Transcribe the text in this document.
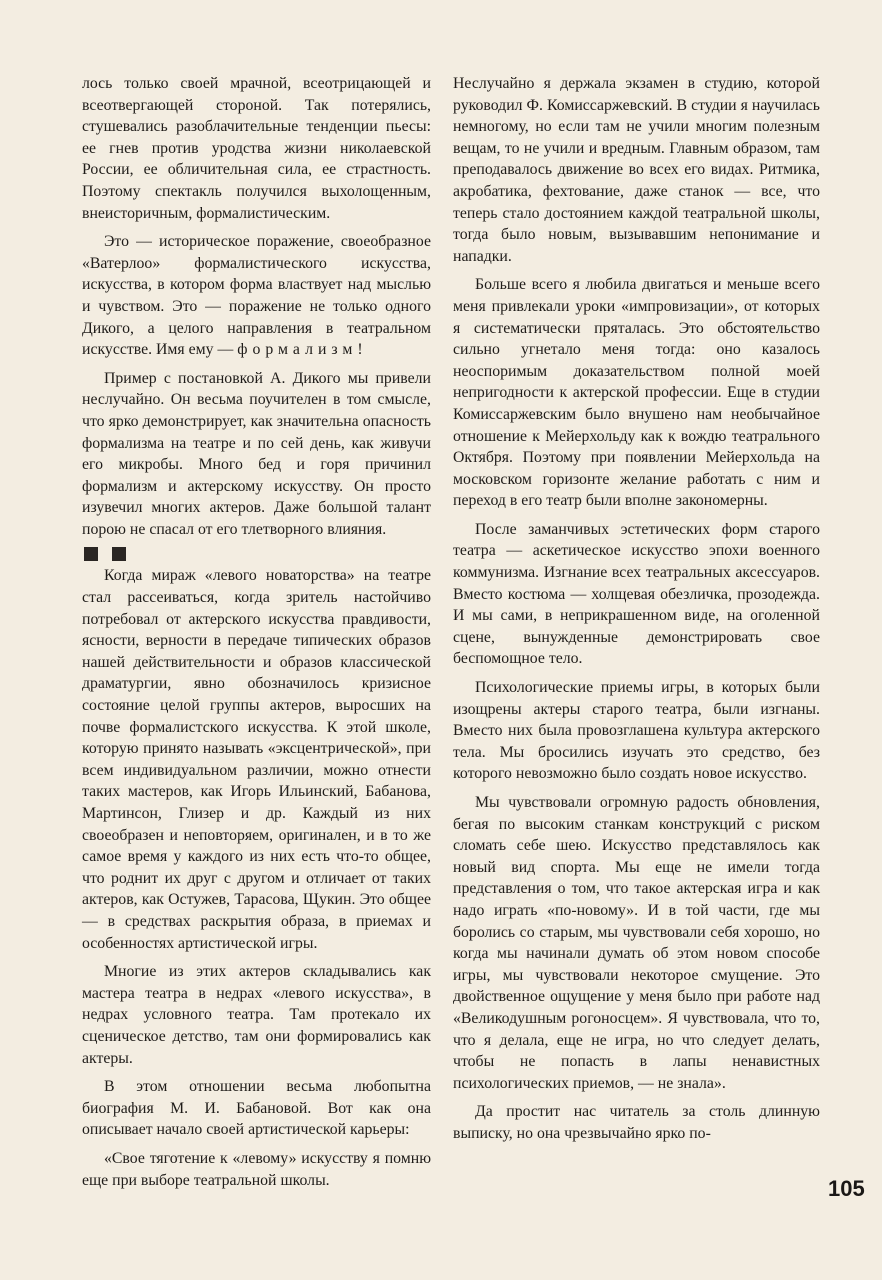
лось только своей мрачной, всеотрицающей и всеотвергающей стороной. Так потерялись, стушевались разоблачительные тенденции пьесы: ее гнев против уродства жизни николаевской России, ее обличительная сила, ее страстность. Поэтому спектакль получился выхолощенным, внеисторичным, формалистическим.

Это — историческое поражение, своеобразное «Ватерлоо» формалистического искусства, искусства, в котором форма властвует над мыслью и чувством. Это — поражение не только одного Дикого, а целого направления в театральном искусстве. Имя ему — формализм!

Пример с постановкой А. Дикого мы привели неслучайно. Он весьма поучителен в том смысле, что ярко демонстрирует, как значительна опасность формализма на театре и по сей день, как живучи его микробы. Много бед и горя причинил формализм и актерскому искусству. Он просто изувечил многих актеров. Даже большой талант порою не спасал от его тлетворного влияния.

Когда мираж «левого новаторства» на театре стал рассеиваться, когда зритель настойчиво потребовал от актерского искусства правдивости, ясности, верности в передаче типических образов нашей действительности и образов классической драматургии, явно обозначилось кризисное состояние целой группы актеров, выросших на почве формалистского искусства. К этой школе, которую принято называть «эксцентрической», при всем индивидуальном различии, можно отнести таких мастеров, как Игорь Ильинский, Бабанова, Мартинсон, Глизер и др. Каждый из них своеобразен и неповторяем, оригинален, и в то же самое время у каждого из них есть что-то общее, что роднит их друг с другом и отличает от таких актеров, как Остужев, Тарасова, Щукин. Это общее — в средствах раскрытия образа, в приемах и особенностях артистической игры.

Многие из этих актеров складывались как мастера театра в недрах «левого искусства», в недрах условного театра. Там протекало их сценическое детство, там они формировались как актеры.

В этом отношении весьма любопытна биография М. И. Бабановой. Вот как она описывает начало своей артистической карьеры:

«Свое тяготение к «левому» искусству я помню еще при выборе театральной школы.

Неслучайно я держала экзамен в студию, которой руководил Ф. Комиссаржевский. В студии я научилась немногому, но если там не учили многим полезным вещам, то не учили и вредным. Главным образом, там преподавалось движение во всех его видах. Ритмика, акробатика, фехтование, даже станок — все, что теперь стало достоянием каждой театральной школы, тогда было новым, вызывавшим непонимание и нападки.

Больше всего я любила двигаться и меньше всего меня привлекали уроки «импровизации», от которых я систематически пряталась. Это обстоятельство сильно угнетало меня тогда: оно казалось неоспоримым доказательством полной моей непригодности к актерской профессии. Еще в студии Комиссаржевским было внушено нам необычайное отношение к Мейерхольду как к вождю театрального Октября. Поэтому при появлении Мейерхольда на московском горизонте желание работать с ним и переход в его театр были вполне закономерны.

После заманчивых эстетических форм старого театра — аскетическое искусство эпохи военного коммунизма. Изгнание всех театральных аксессуаров. Вместо костюма — холщевая обезличка, прозодежда. И мы сами, в неприкрашенном виде, на оголенной сцене, вынужденные демонстрировать свое беспомощное тело.

Психологические приемы игры, в которых были изощрены актеры старого театра, были изгнаны. Вместо них была провозглашена культура актерского тела. Мы бросились изучать это средство, без которого невозможно было создать новое искусство.

Мы чувствовали огромную радость обновления, бегая по высоким станкам конструкций с риском сломать себе шею. Искусство представлялось как новый вид спорта. Мы еще не имели тогда представления о том, что такое актерская игра и как надо играть «по-новому». И в той части, где мы боролись со старым, мы чувствовали себя хорошо, но когда мы начинали думать об этом новом способе игры, мы чувствовали некоторое смущение. Это двойственное ощущение у меня было при работе над «Великодушным рогоносцем». Я чувствовала, что то, что я делала, еще не игра, но что следует делать, чтобы не попасть в лапы ненавистных психологических приемов, — не знала».

Да простит нас читатель за столь длинную выписку, но она чрезвычайно ярко по-

105
